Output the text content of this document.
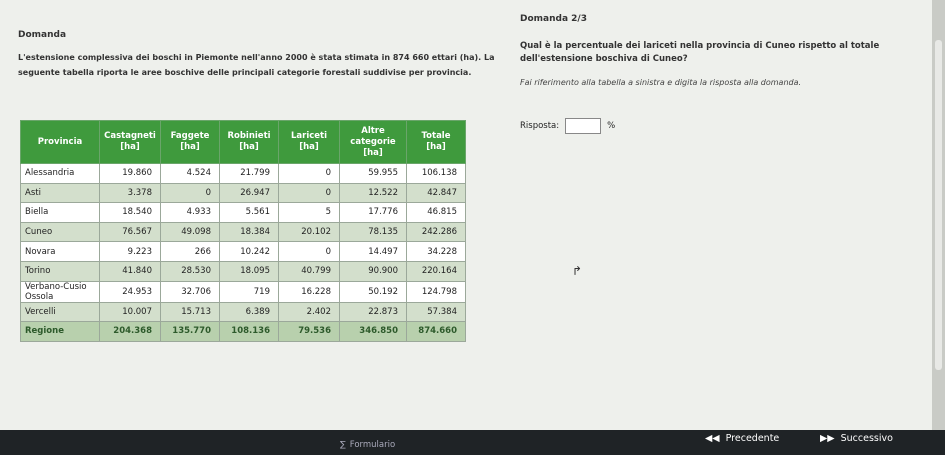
Domanda
L'estensione complessiva dei boschi in Piemonte nell'anno 2000 è stata stimata in 874 660 ettari (ha). La seguente tabella riporta le aree boschive delle principali categorie forestali suddivise per provincia.
Provincia	Castagneti [ha]	Faggete [ha]	Robinieti [ha]	Lariceti [ha]	Altre categorie [ha]	Totale [ha]
Alessandria	19.860	4.524	21.799	0	59.955	106.138
Asti	3.378	0	26.947	0	12.522	42.847
Biella	18.540	4.933	5.561	5	17.776	46.815
Cuneo	76.567	49.098	18.384	20.102	78.135	242.286
Novara	9.223	266	10.242	0	14.497	34.228
Torino	41.840	28.530	18.095	40.799	90.900	220.164
Verbano-Cusio Ossola	24.953	32.706	719	16.228	50.192	124.798
Vercelli	10.007	15.713	6.389	2.402	22.873	57.384
Regione	204.368	135.770	108.136	79.536	346.850	874.660
Domanda 2/3
Qual è la percentuale dei lariceti nella provincia di Cuneo rispetto al totale dell'estensione boschiva di Cuneo?
Fai riferimento alla tabella a sinistra e digita la risposta alla domanda.
Risposta:	%
↱
∑ Formulario
◀◀ Precedente	▶▶ Successivo
